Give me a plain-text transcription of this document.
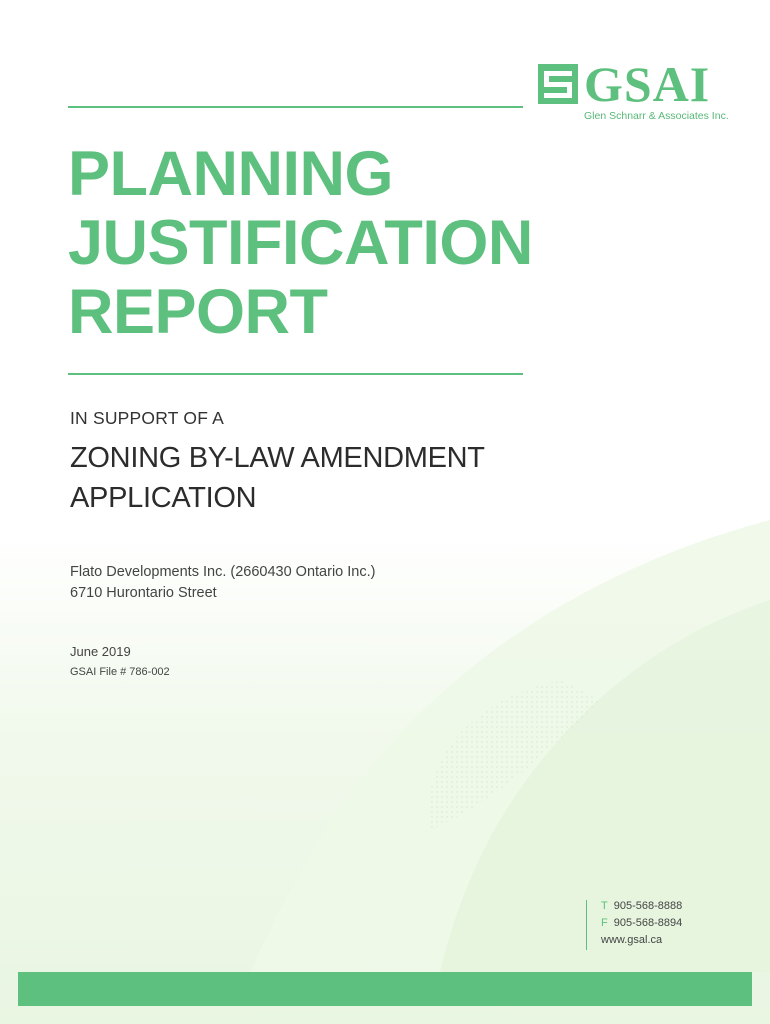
GSAI
Glen Schnarr & Associates Inc.
PLANNING
JUSTIFICATION
REPORT
IN SUPPORT OF A
ZONING BY-LAW AMENDMENT
APPLICATION
Flato Developments Inc. (2660430 Ontario Inc.)
6710 Hurontario Street
June 2019
GSAI File # 786-002
T 905-568-8888
F 905-568-8894
www.gsal.ca
